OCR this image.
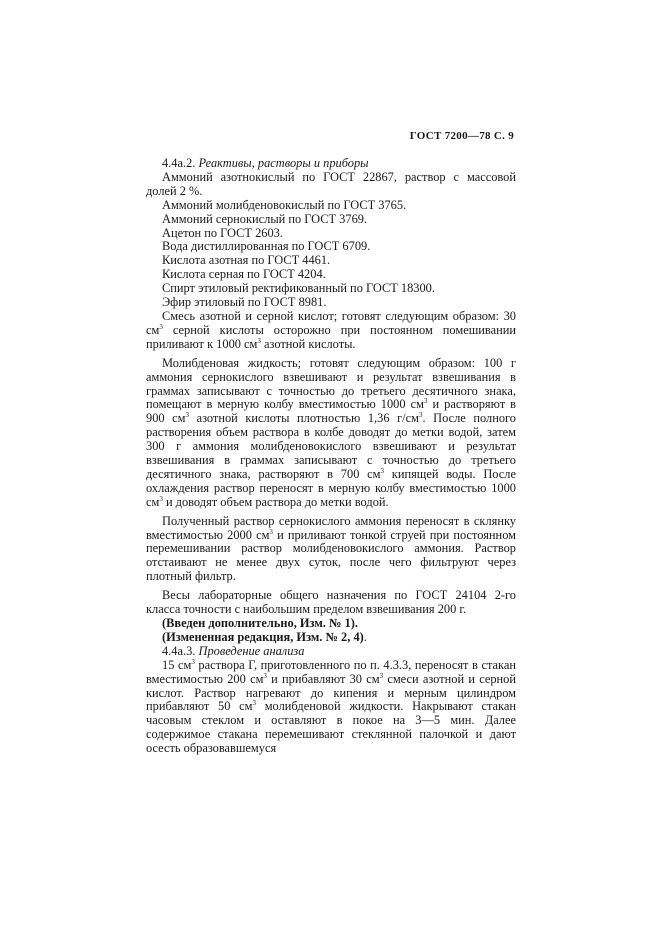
ГОСТ 7200—78 С. 9

4.4а.2. Реактивы, растворы и приборы

Аммоний азотнокислый по ГОСТ 22867, раствор с массовой долей 2 %.

Аммоний молибденовокислый по ГОСТ 3765.

Аммоний сернокислый по ГОСТ 3769.

Ацетон по ГОСТ 2603.

Вода дистиллированная по ГОСТ 6709.

Кислота азотная по ГОСТ 4461.

Кислота серная по ГОСТ 4204.

Спирт этиловый ректификованный по ГОСТ 18300.

Эфир этиловый по ГОСТ 8981.

Смесь азотной и серной кислот; готовят следующим образом: 30 $см^3$ серной кислоты осторожно при постоянном помешивании приливают к 1000 $см^3$ азотной кислоты.

Молибденовая жидкость; готовят следующим образом: 100 г аммония сернокислого взвешивают и результат взвешивания в граммах записывают с точностью до третьего десятичного знака, помещают в мерную колбу вместимостью 1000 $см^3$ и растворяют в 900 $см^3$ азотной кислоты плотностью 1,36 $г/см^3$. После полного растворения объем раствора в колбе доводят до метки водой, затем 300 г аммония молибденовокислого взвешивают и результат взвешивания в граммах записывают с точностью до третьего десятичного знака, растворяют в 700 $см^3$ кипящей воды. После охлаждения раствор переносят в мерную колбу вместимостью 1000 $см^3$ и доводят объем раствора до метки водой.

Полученный раствор сернокислого аммония переносят в склянку вместимостью 2000 $см^3$ и приливают тонкой струей при постоянном перемешивании раствор молибденовокислого аммония. Раствор отстаивают не менее двух суток, после чего фильтруют через плотный фильтр.

Весы лабораторные общего назначения по ГОСТ 24104 2-го класса точности с наибольшим пределом взвешивания 200 г.

(Введен дополнительно, Изм. № 1).

(Измененная редакция, Изм. № 2, 4).

4.4а.3. Проведение анализа

15 $см^3$ раствора Г, приготовленного по п. 4.3.3, переносят в стакан вместимостью 200 $см^3$ и прибавляют 30 $см^3$ смеси азотной и серной кислот. Раствор нагревают до кипения и мерным цилиндром прибавляют 50 $см^3$ молибденовой жидкости. Накрывают стакан часовым стеклом и оставляют в покое на 3—5 мин. Далее содержимое стакана перемешивают стеклянной палочкой и дают осесть образовавшемуся
